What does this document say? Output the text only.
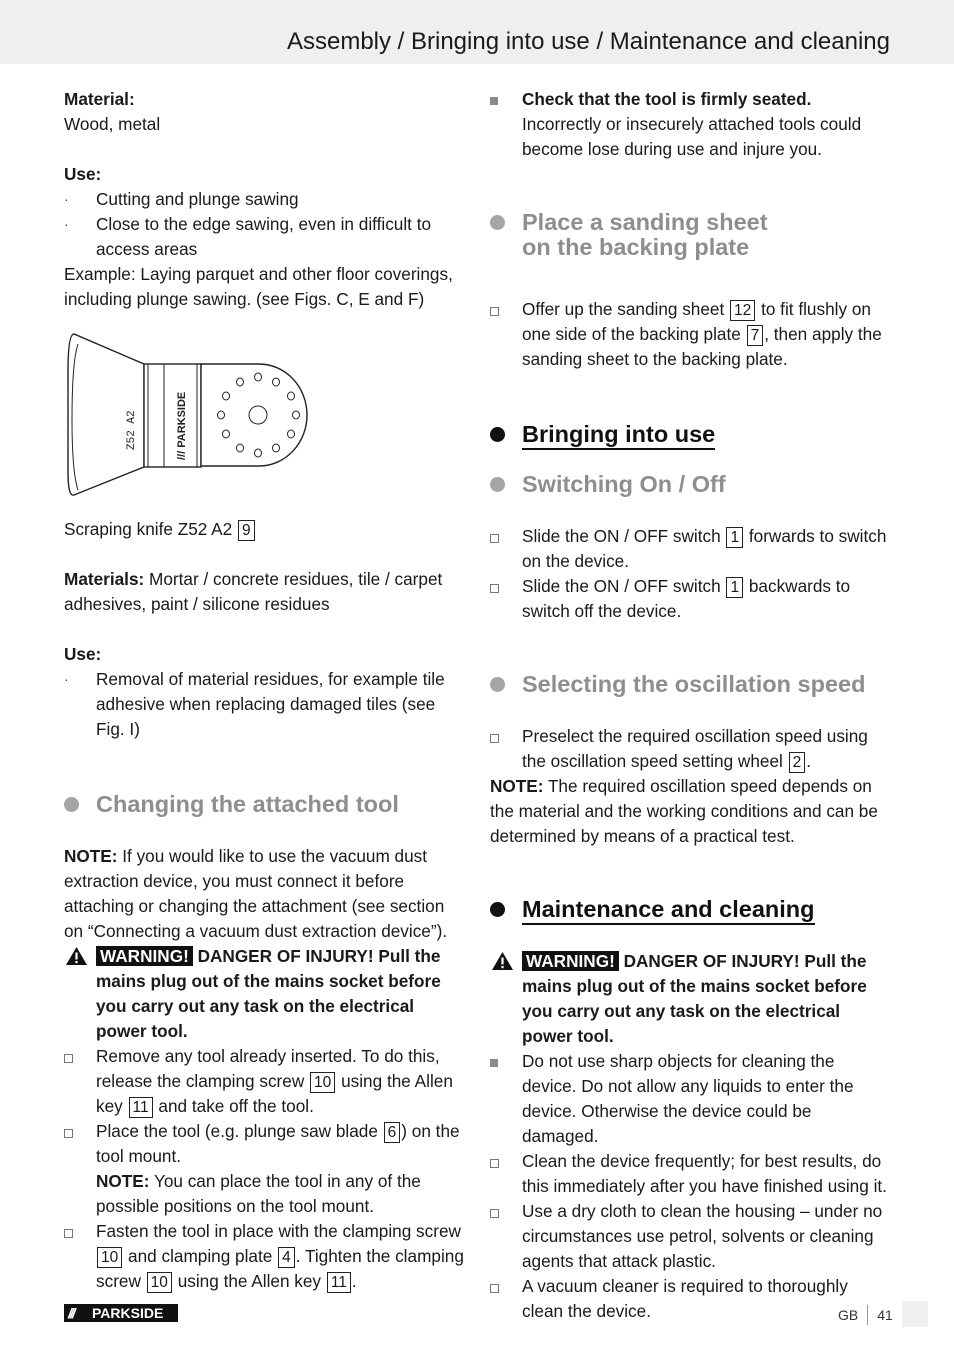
Assembly / Bringing into use / Maintenance and cleaning

Material:

Wood, metal

Use:

·	Cutting and plunge sawing
·	Close to the edge sawing, even in difficult to access areas

Example: Laying parquet and other floor coverings, including plunge sawing. (see Figs. C, E and F)

Z52 A2
/// PARKSIDE

Scraping knife Z52 A2 9

Materials: Mortar / concrete residues, tile / carpet adhesives, paint / silicone residues

Use:

·	Removal of material residues, for example tile adhesive when replacing damaged tiles (see Fig. I)
Changing the attached tool

NOTE: If you would like to use the vacuum dust extraction device, you must connect it before attaching or changing the attachment (see section on “Connecting a vacuum dust extraction device”).

WARNING! DANGER OF INJURY! Pull the mains plug out of the mains socket before you carry out any task on the electrical power tool.
Remove any tool already inserted. To do this, release the clamping screw 10 using the Allen key 11 and take off the tool.
Place the tool (e.g. plunge saw blade 6 ) on the tool mount.
NOTE: You can place the tool in any of the possible positions on the tool mount.
Fasten the tool in place with the clamping screw 10 and clamping plate 4 . Tighten the clamping screw 10 using the Allen key 11 .
Check that the tool is firmly seated.
Incorrectly or insecurely attached tools could become lose during use and injure you.
Place a sanding sheet on the backing plate
Offer up the sanding sheet 12 to fit flushly on one side of the backing plate 7 , then apply the sanding sheet to the backing plate.
Bringing into use
Switching On / Off
Slide the ON / OFF switch 1 forwards to switch on the device.
Slide the ON / OFF switch 1 backwards to switch off the device.
Selecting the oscillation speed
Preselect the required oscillation speed using the oscillation speed setting wheel 2 .

NOTE: The required oscillation speed depends on the material and the working conditions and can be determined by means of a practical test.

Maintenance and cleaning
WARNING! DANGER OF INJURY! Pull the mains plug out of the mains socket before you carry out any task on the electrical power tool.
Do not use sharp objects for cleaning the device. Do not allow any liquids to enter the device. Otherwise the device could be damaged.
Clean the device frequently; for best results, do this immediately after you have finished using it.
Use a dry cloth to clean the housing – under no circumstances use petrol, solvents or cleaning agents that attack plastic.
A vacuum cleaner is required to thoroughly clean the device.
/// PARKSIDE	GB 41
